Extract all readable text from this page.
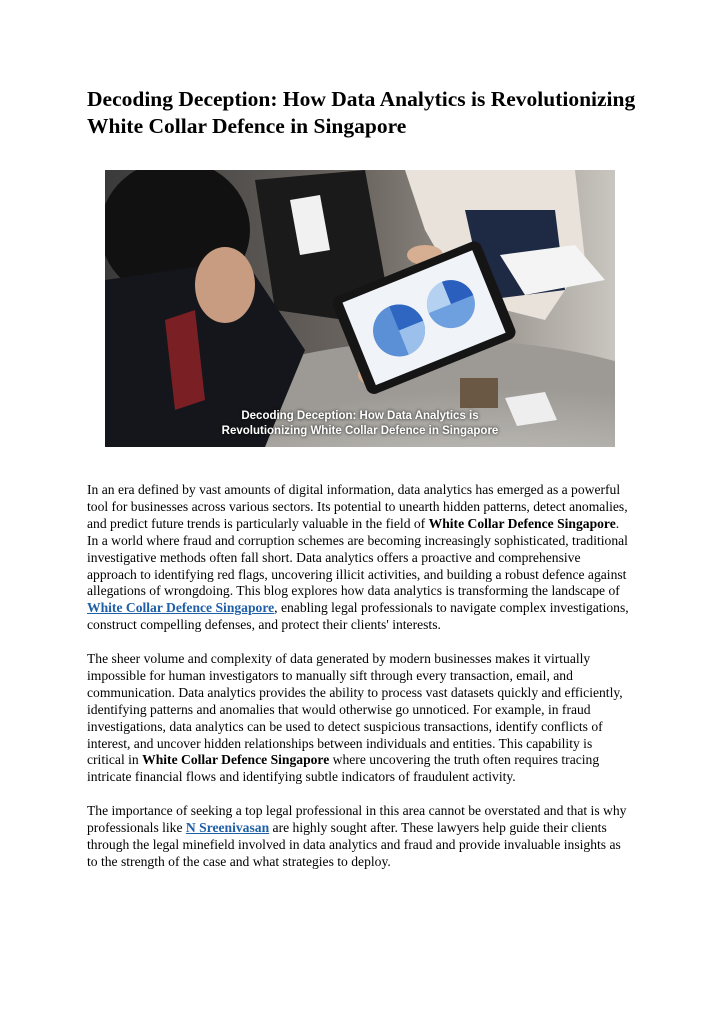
Decoding Deception: How Data Analytics is Revolutionizing White Collar Defence in Singapore
Decoding Deception: How Data Analytics is
Revolutionizing White Collar Defence in Singapore

In an era defined by vast amounts of digital information, data analytics has emerged as a powerful tool for businesses across various sectors. Its potential to unearth hidden patterns, detect anomalies, and predict future trends is particularly valuable in the field of White Collar Defence Singapore. In a world where fraud and corruption schemes are becoming increasingly sophisticated, traditional investigative methods often fall short. Data analytics offers a proactive and comprehensive approach to identifying red flags, uncovering illicit activities, and building a robust defence against allegations of wrongdoing. This blog explores how data analytics is transforming the landscape of White Collar Defence Singapore, enabling legal professionals to navigate complex investigations, construct compelling defenses, and protect their clients' interests.

The sheer volume and complexity of data generated by modern businesses makes it virtually impossible for human investigators to manually sift through every transaction, email, and communication. Data analytics provides the ability to process vast datasets quickly and efficiently, identifying patterns and anomalies that would otherwise go unnoticed. For example, in fraud investigations, data analytics can be used to detect suspicious transactions, identify conflicts of interest, and uncover hidden relationships between individuals and entities. This capability is critical in White Collar Defence Singapore where uncovering the truth often requires tracing intricate financial flows and identifying subtle indicators of fraudulent activity.

The importance of seeking a top legal professional in this area cannot be overstated and that is why professionals like N Sreenivasan are highly sought after. These lawyers help guide their clients through the legal minefield involved in data analytics and fraud and provide invaluable insights as to the strength of the case and what strategies to deploy.
